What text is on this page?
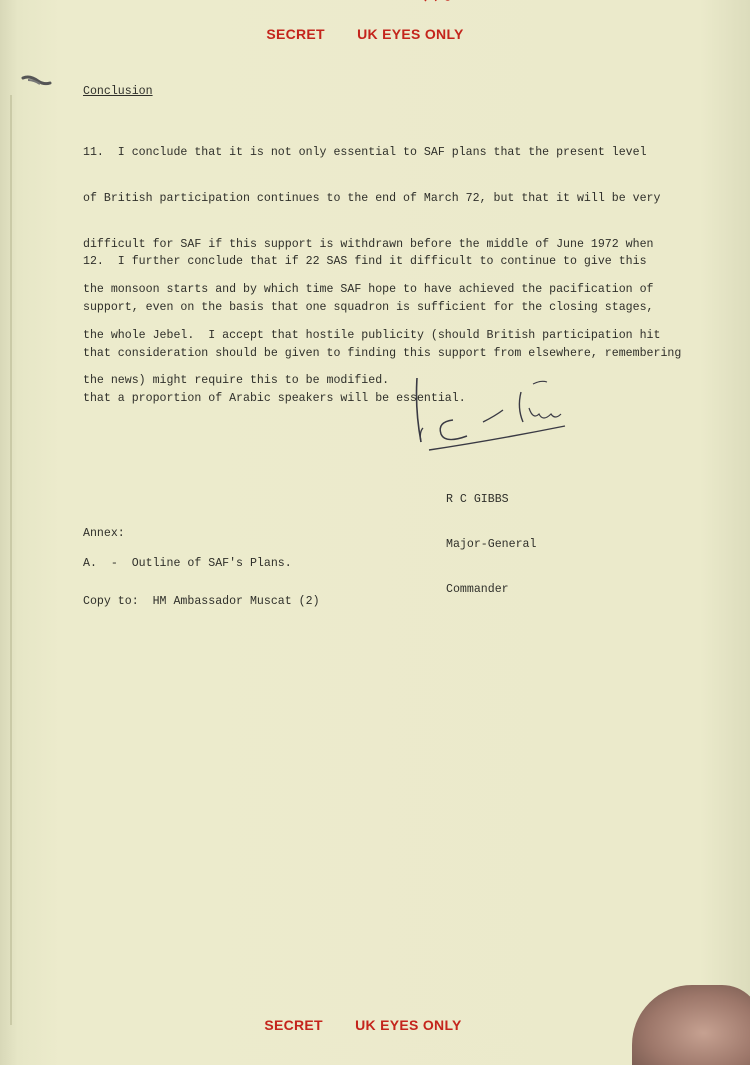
SECRET UK EYES ONLY
Conclusion

11.  I conclude that it is not only essential to SAF plans that the present level

of British participation continues to the end of March 72, but that it will be very

difficult for SAF if this support is withdrawn before the middle of June 1972 when

the monsoon starts and by which time SAF hope to have achieved the pacification of

the whole Jebel.  I accept that hostile publicity (should British participation hit

the news) might require this to be modified.

12.  I further conclude that if 22 SAS find it difficult to continue to give this

support, even on the basis that one squadron is sufficient for the closing stages,

that consideration should be given to finding this support from elsewhere, remembering

that a proportion of Arabic speakers will be essential.

R C GIBBS

Major-General

Commander

Annex:
A.  -  Outline of SAF's Plans.
Copy to:  HM Ambassador Muscat (2)
SECRET UK EYES ONLY
